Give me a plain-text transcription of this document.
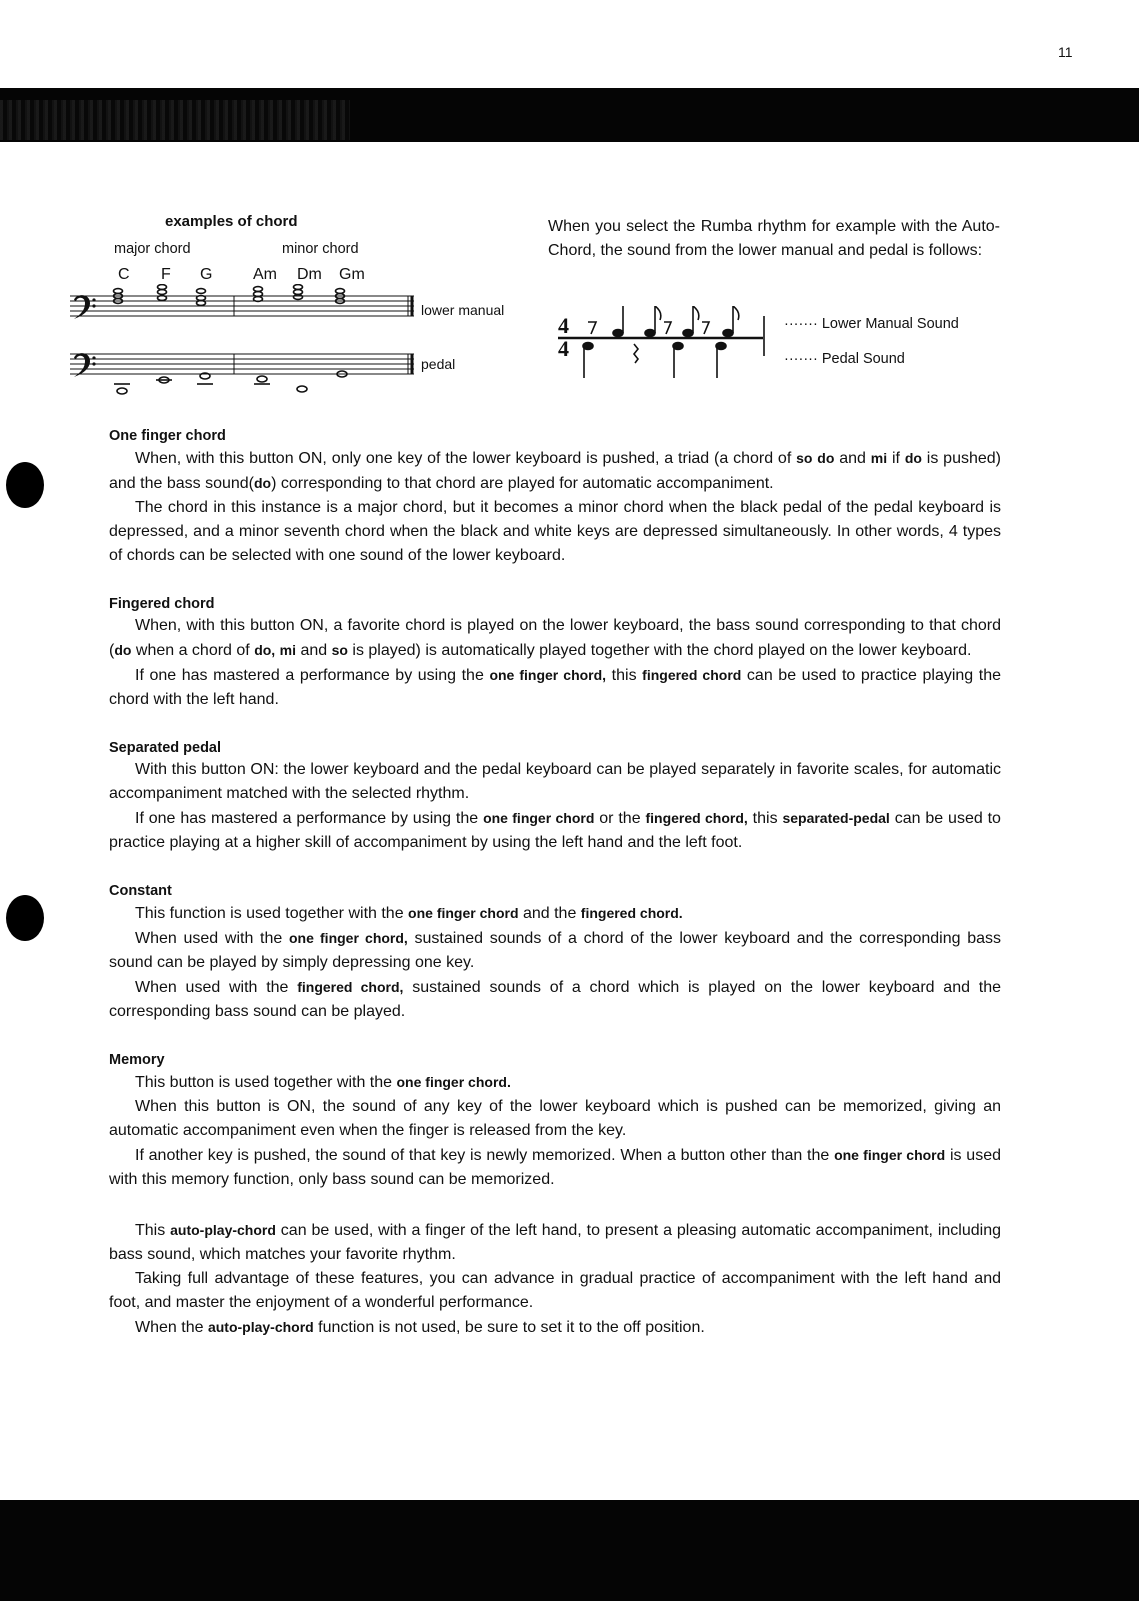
11
examples of chord
major chord	minor chord
C F G	Am Dm Gm
lower manual
pedal
When you select the Rumba rhythm for example with the Auto-Chord, the sound from the lower manual and pedal is follows:
4
4
······· Lower Manual Sound
······· Pedal Sound
One finger chord

When, with this button ON, only one key of the lower keyboard is pushed, a triad (a chord of so do and mi if do is pushed) and the bass sound(do) corresponding to that chord are played for automatic accompaniment.

The chord in this instance is a major chord, but it becomes a minor chord when the black pedal of the pedal keyboard is depressed, and a minor seventh chord when the black and white keys are depressed simultaneously. In other words, 4 types of chords can be selected with one sound of the lower keyboard.

Fingered chord

When, with this button ON, a favorite chord is played on the lower keyboard, the bass sound corresponding to that chord (do when a chord of do, mi and so is played) is automatically played together with the chord played on the lower keyboard.

If one has mastered a performance by using the one finger chord, this fingered chord can be used to practice playing the chord with the left hand.

Separated pedal

With this button ON: the lower keyboard and the pedal keyboard can be played separately in favorite scales, for automatic accompaniment matched with the selected rhythm.

If one has mastered a performance by using the one finger chord or the fingered chord, this separated-pedal can be used to practice playing at a higher skill of accompaniment by using the left hand and the left foot.

Constant

This function is used together with the one finger chord and the fingered chord.

When used with the one finger chord, sustained sounds of a chord of the lower keyboard and the corresponding bass sound can be played by simply depressing one key.

When used with the fingered chord, sustained sounds of a chord which is played on the lower keyboard and the corresponding bass sound can be played.

Memory

This button is used together with the one finger chord.

When this button is ON, the sound of any key of the lower keyboard which is pushed can be memorized, giving an automatic accompaniment even when the finger is released from the key.

If another key is pushed, the sound of that key is newly memorized. When a button other than the one finger chord is used with this memory function, only bass sound can be memorized.

This auto-play-chord can be used, with a finger of the left hand, to present a pleasing automatic accompaniment, including bass sound, which matches your favorite rhythm.

Taking full advantage of these features, you can advance in gradual practice of accompaniment with the left hand and foot, and master the enjoyment of a wonderful performance.

When the auto-play-chord function is not used, be sure to set it to the off position.
